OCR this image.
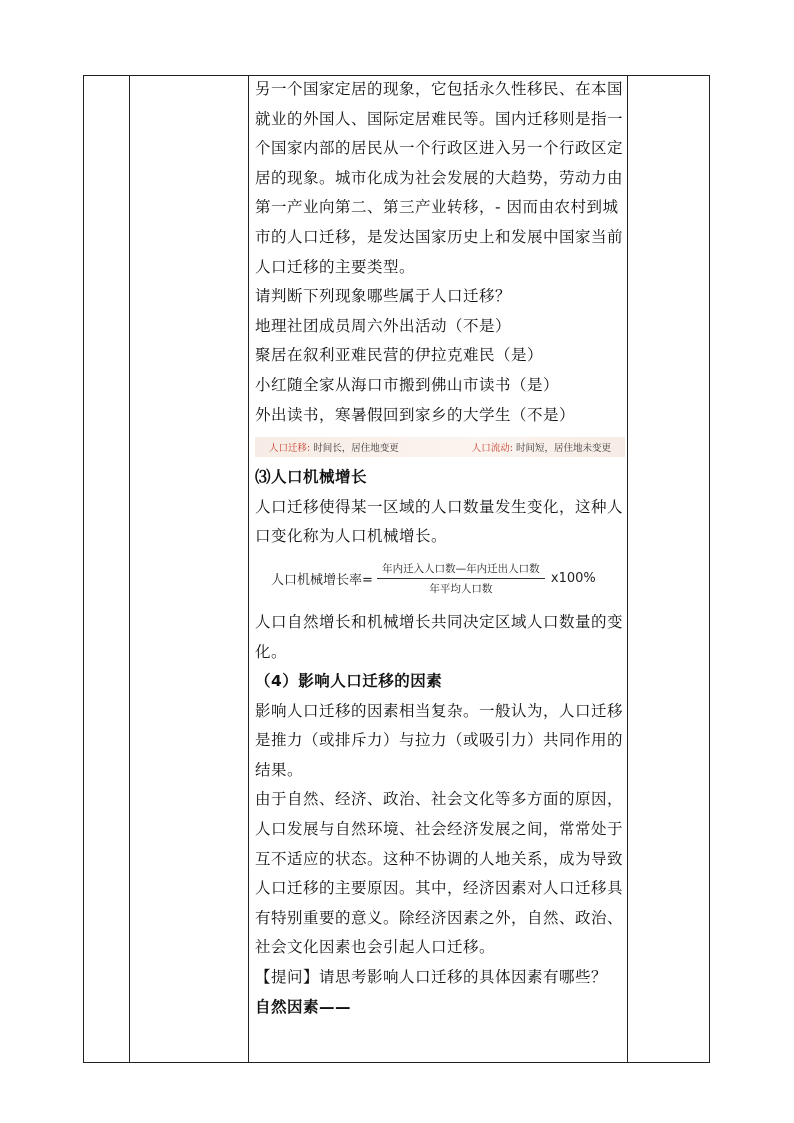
另一个国家定居的现象，它包括永久性移民、在本国就业的外国人、国际定居难民等。国内迁移则是指一个国家内部的居民从一个行政区进入另一个行政区定居的现象。城市化成为社会发展的大趋势，劳动力由第一产业向第二、第三产业转移，- 因而由农村到城市的人口迁移，是发达国家历史上和发展中国家当前人口迁移的主要类型。

请判断下列现象哪些属于人口迁移？

地理社团成员周六外出活动（不是）

聚居在叙利亚难民营的伊拉克难民（是）

小红随全家从海口市搬到佛山市读书（是）

外出读书，寒暑假回到家乡的大学生（不是）

人口迁移: 时间长，居住地变更	人口流动: 时间短，居住地未变更

⑶人口机械增长

人口迁移使得某一区域的人口数量发生变化，这种人口变化称为人口机械增长。

人口机械增长率= $\frac{\text{年内迁入人口数—年内迁出人口数}}{\text{年平均人口数}} x100\%$

人口自然增长和机械增长共同决定区域人口数量的变化。

（4）影响人口迁移的因素

影响人口迁移的因素相当复杂。一般认为，人口迁移是推力（或排斥力）与拉力（或吸引力）共同作用的结果。

由于自然、经济、政治、社会文化等多方面的原因，人口发展与自然环境、社会经济发展之间，常常处于互不适应的状态。这种不协调的人地关系，成为导致人口迁移的主要原因。其中，经济因素对人口迁移具有特别重要的意义。除经济因素之外，自然、政治、社会文化因素也会引起人口迁移。

【提问】请思考影响人口迁移的具体因素有哪些？

自然因素——
